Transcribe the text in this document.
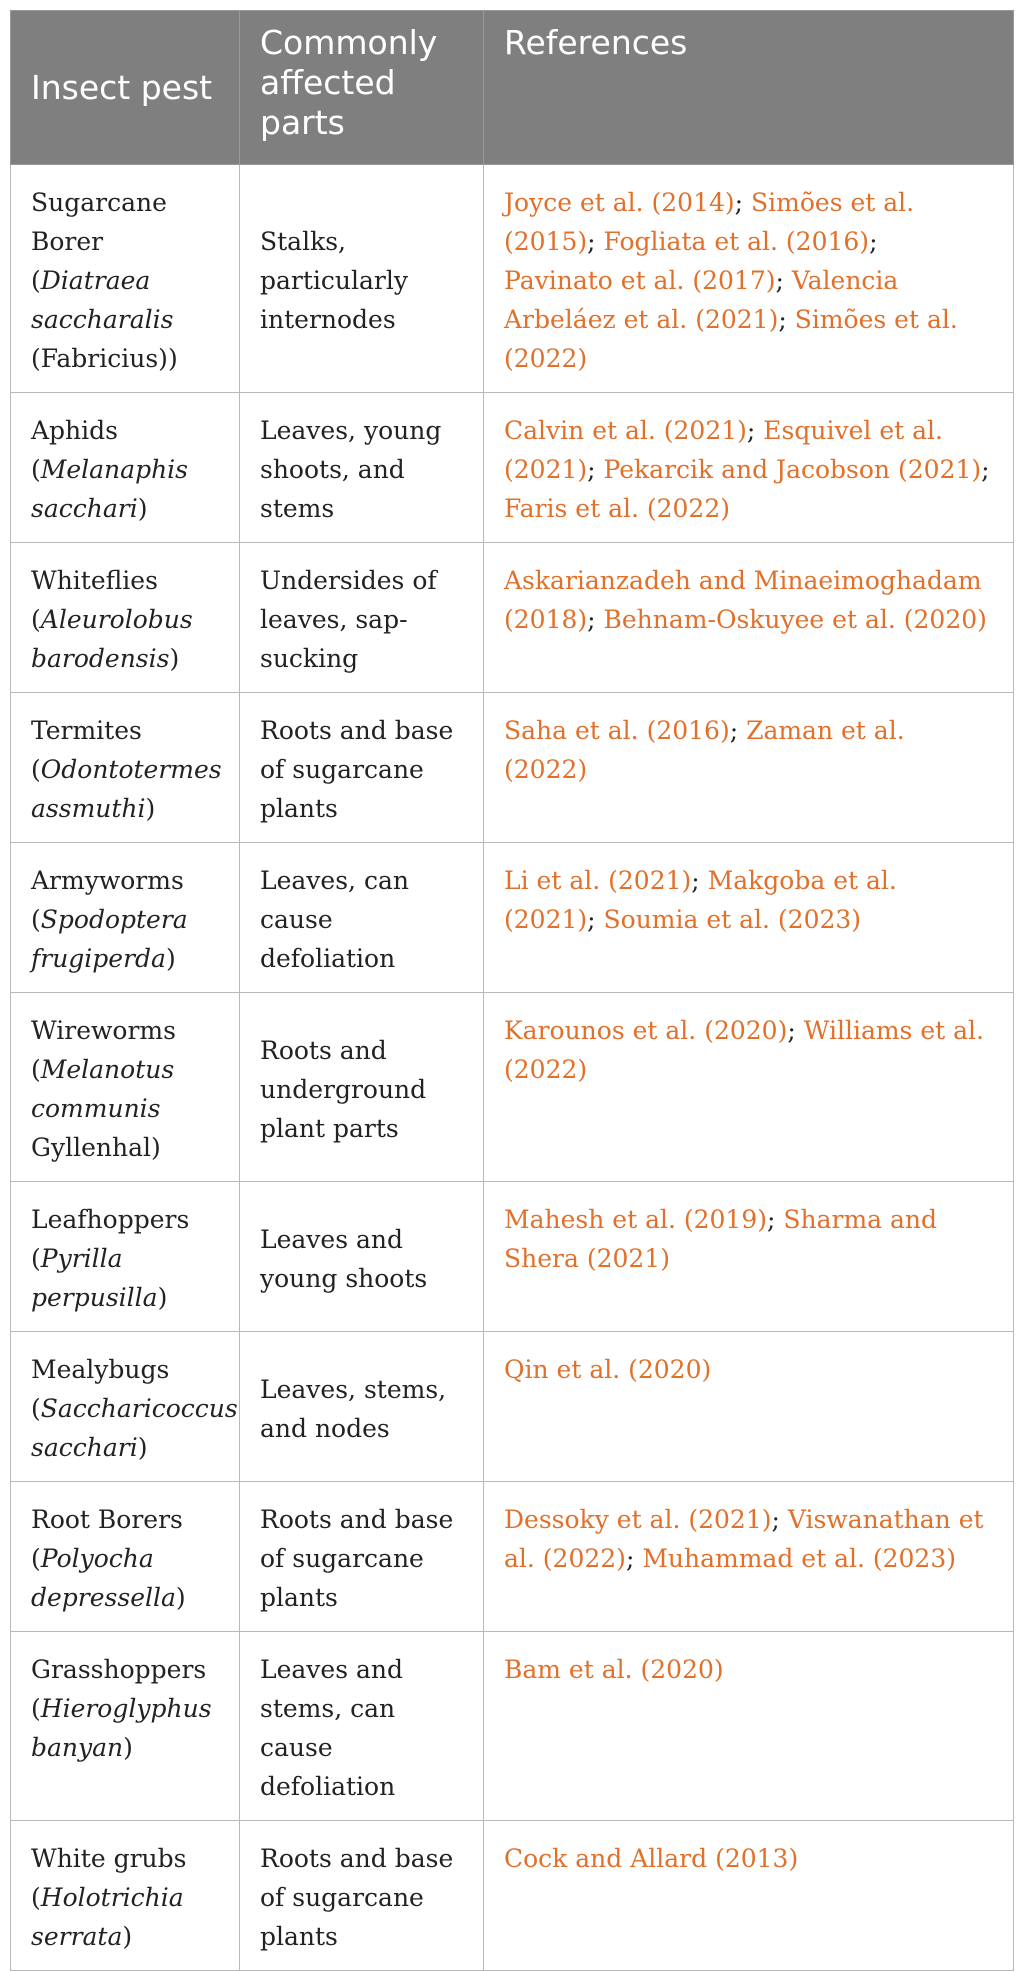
Insect pest	Commonly affected parts	References
Sugarcane Borer (Diatraea saccharalis (Fabricius))	Stalks, particularly internodes	Joyce et al. (2014); Simões et al. (2015); Fogliata et al. (2016); Pavinato et al. (2017); Valencia Arbeláez et al. (2021); Simões et al. (2022)
Aphids (Melanaphis sacchari)	Leaves, young shoots, and stems	Calvin et al. (2021); Esquivel et al. (2021); Pekarcik and Jacobson (2021); Faris et al. (2022)
Whiteflies (Aleurolobus barodensis)	Undersides of leaves, sap-sucking	Askarianzadeh and Minaeimoghadam (2018); Behnam-Oskuyee et al. (2020)
Termites (Odontotermes assmuthi)	Roots and base of sugarcane plants	Saha et al. (2016); Zaman et al. (2022)
Armyworms (Spodoptera frugiperda)	Leaves, can cause defoliation	Li et al. (2021); Makgoba et al. (2021); Soumia et al. (2023)
Wireworms (Melanotus communis Gyllenhal)	Roots and underground plant parts	Karounos et al. (2020); Williams et al. (2022)
Leafhoppers (Pyrilla perpusilla)	Leaves and young shoots	Mahesh et al. (2019); Sharma and Shera (2021)
Mealybugs (Saccharicoccus sacchari)	Leaves, stems, and nodes	Qin et al. (2020)
Root Borers (Polyocha depressella)	Roots and base of sugarcane plants	Dessoky et al. (2021); Viswanathan et al. (2022); Muhammad et al. (2023)
Grasshoppers (Hieroglyphus banyan)	Leaves and stems, can cause defoliation	Bam et al. (2020)
White grubs (Holotrichia serrata)	Roots and base of sugarcane plants	Cock and Allard (2013)
